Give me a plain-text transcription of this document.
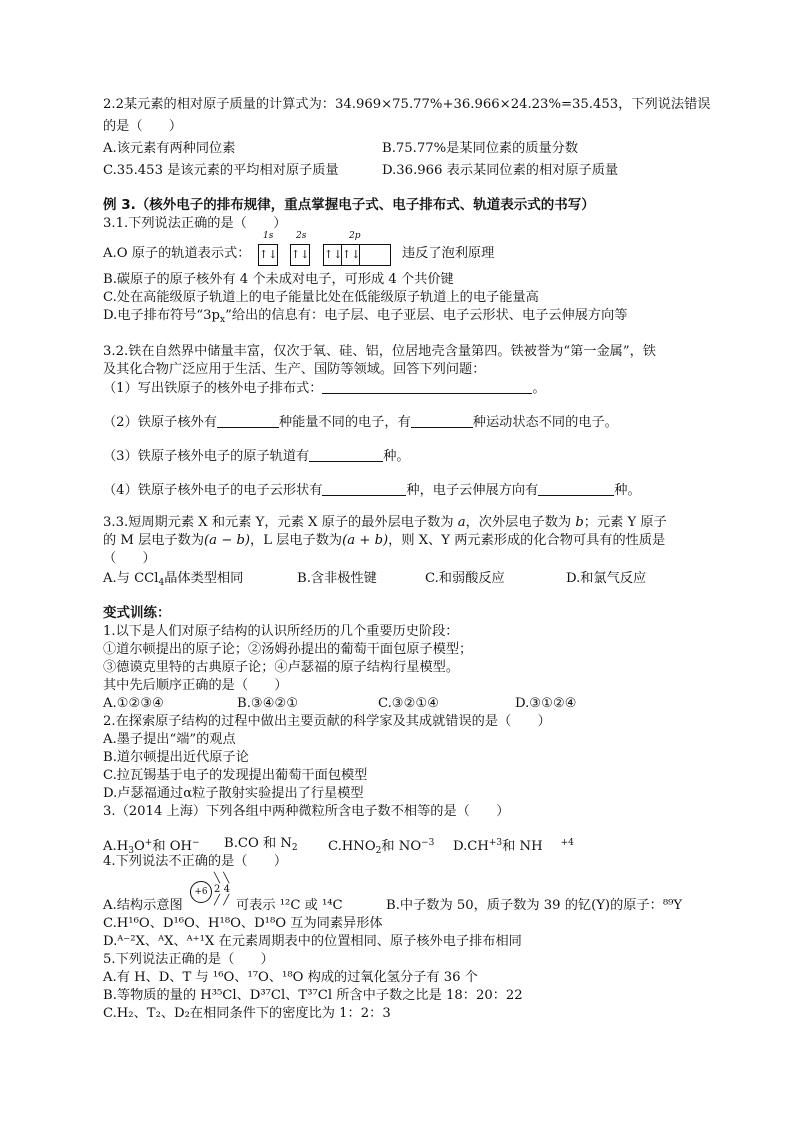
2.2某元素的相对原子质量的计算式为：34.969×75.77%+36.966×24.23%=35.453，下列说法错误
的是（　　）
A.该元素有两种同位素	B.75.77%是某同位素的质量分数
C.35.453 是该元素的平均相对原子质量	D.36.966 表示某同位素的相对原子质量
例 3.（核外电子的排布规律，重点掌握电子式、电子排布式、轨道表示式的书写）
3.1.下列说法正确的是（　　）
A.O 原子的轨道表示式：
1s	2s	2p
↑↓ ↑↓ ↑↓ ↑↓	违反了泡利原理
B.碳原子的原子核外有 4 个未成对电子，可形成 4 个共价键
C.处在高能级原子轨道上的电子能量比处在低能级原子轨道上的电子能量高
D.电子排布符号“$3p_x$”给出的信息有：电子层、电子亚层、电子云形状、电子云伸展方向等
3.2.铁在自然界中储量丰富，仅次于氧、硅、铝，位居地壳含量第四。铁被誉为“第一金属”，铁
及其化合物广泛应用于生活、生产、国防等领域。回答下列问题：
（1）写出铁原子的核外电子排布式：	。
（2）铁原子核外有	种能量不同的电子，有	种运动状态不同的电子。
（3）铁原子核外电子的原子轨道有	种。
（4）铁原子核外电子的电子云形状有	种，电子云伸展方向有	种。
3.3.短周期元素 X 和元素 Y，元素 X 原子的最外层电子数为 a，次外层电子数为 b；元素 Y 原子
的 M 层电子数为(a − b)，L 层电子数为(a + b)，则 X、Y 两元素形成的化合物可具有的性质是
（　　）
A.与 CCl$_4$晶体类型相同	B.含非极性键	C.和弱酸反应	D.和氯气反应
变式训练：
1.以下是人们对原子结构的认识所经历的几个重要历史阶段：
①道尔顿提出的原子论；②汤姆孙提出的葡萄干面包原子模型；
③德谟克里特的古典原子论；④卢瑟福的原子结构行星模型。
其中先后顺序正确的是（　　）
A.①②③④	B.③④②①	C.③②①④	D.③①②④
2.在探索原子结构的过程中做出主要贡献的科学家及其成就错误的是（　　）
A.墨子提出“端”的观点
B.道尔顿提出近代原子论
C.拉瓦锡基于电子的发现提出葡萄干面包模型
D.卢瑟福通过α粒子散射实验提出了行星模型
3.（2014 上海）下列各组中两种微粒所含电子数不相等的是（　　）
$A.H_3O^+$和 OH− B.CO 和 $N_2$ $C.HNO_2$和 $NO^{-3}$ $D.CH^{+3}$和 NH $^{+4}$
4.下列说法不正确的是（　　）
A.结构示意图
+6
╲ ╲
2 4
╱ ╱ 可表示 ¹²C 或 ¹⁴C	B.中子数为 50，质子数为 39 的钇(Y)的原子：⁸⁹Y
C.H¹⁶O、D¹⁶O、H¹⁸O、D¹⁸O 互为同素异形体
D.ᴬ⁻²X、ᴬX、ᴬ⁺¹X 在元素周期表中的位置相同、原子核外电子排布相同
5.下列说法正确的是（　　）
A.有 H、D、T 与 ¹⁶O、¹⁷O、¹⁸O 构成的过氧化氢分子有 36 个
B.等物质的量的 H³⁵Cl、D³⁷Cl、T³⁷Cl 所含中子数之比是 18：20：22
C.H₂、T₂、D₂在相同条件下的密度比为 1：2：3
